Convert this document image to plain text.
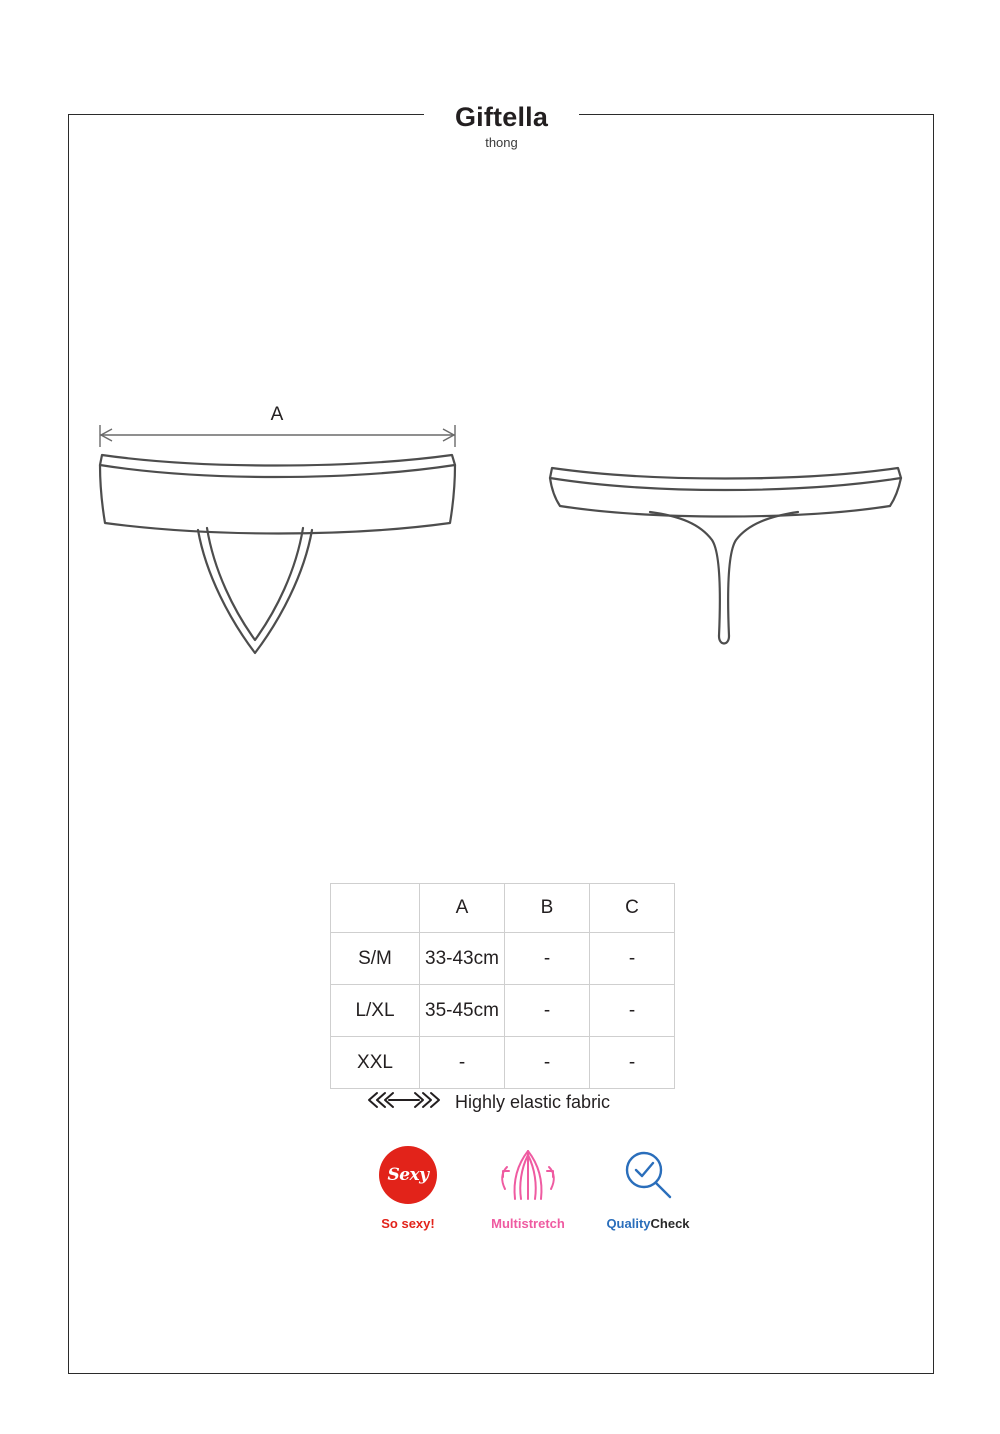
Giftella
thong
A
	A	B	C
S/M	33-43cm	-	-
L/XL	35-45cm	-	-
XXL	-	-	-
Highly elastic fabric
Sexy
So sexy!	Multistretch	QualityCheck
